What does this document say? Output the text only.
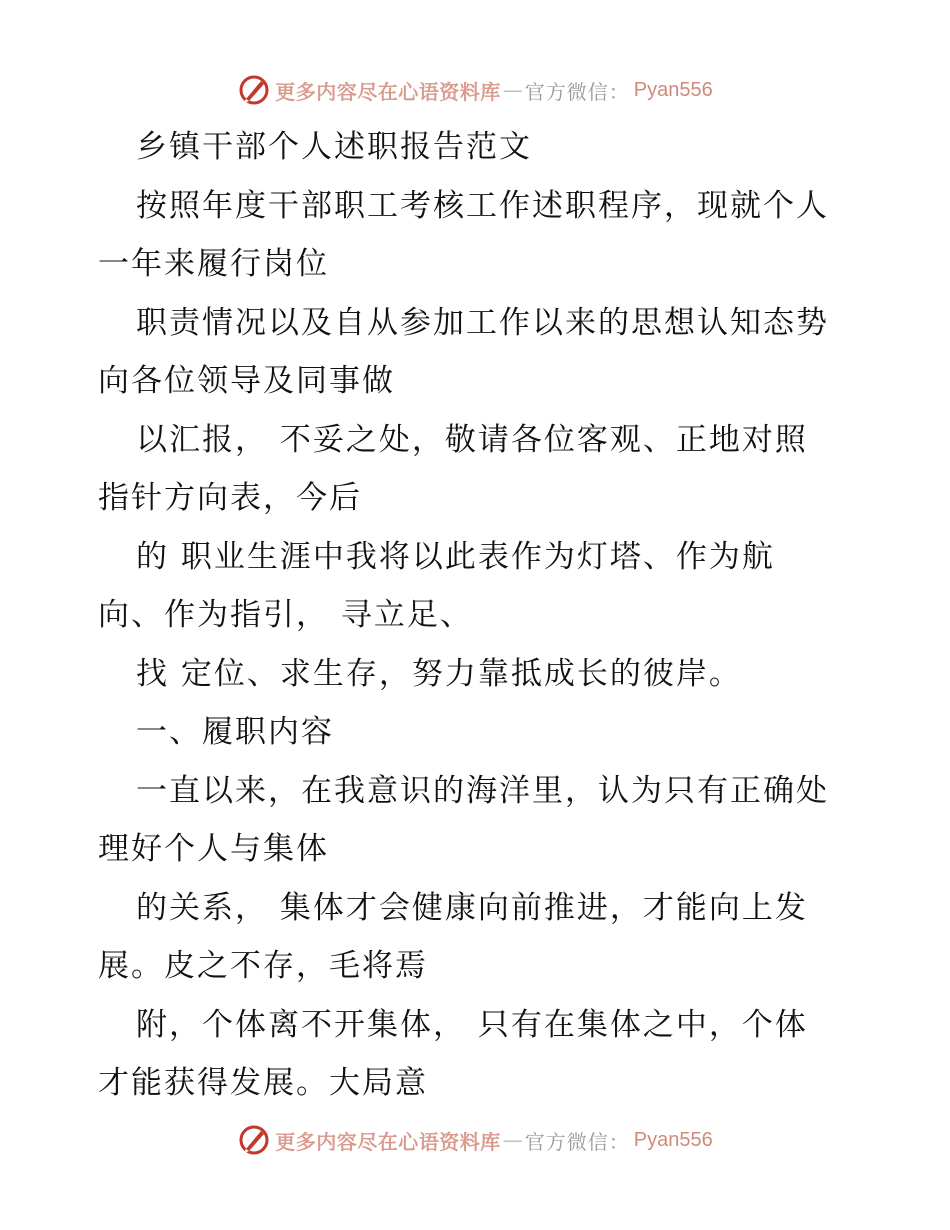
更多内容尽在心语资料库 — 官方微信： Pyan556
乡镇干部个人述职报告范文
按照年度干部职工考核工作述职程序，现就个人
一年来履行岗位
职责情况以及自从参加工作以来的思想认知态势
向各位领导及同事做
以汇报， 不妥之处，敬请各位客观、正地对照
指针方向表，今后
的 职业生涯中我将以此表作为灯塔、作为航
向、作为指引， 寻立足、
找 定位、求生存，努力靠抵成长的彼岸。
一、履职内容
一直以来，在我意识的海洋里，认为只有正确处
理好个人与集体
的关系， 集体才会健康向前推进，才能向上发
展。皮之不存，毛将焉
附，个体离不开集体， 只有在集体之中，个体
才能获得发展。大局意
更多内容尽在心语资料库 — 官方微信： Pyan556
